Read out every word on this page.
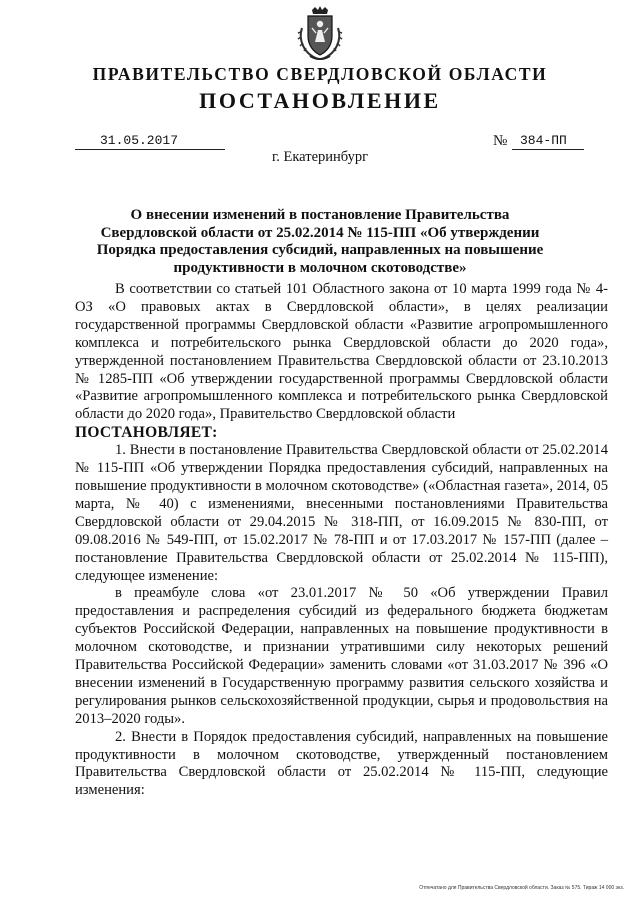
ПРАВИТЕЛЬСТВО СВЕРДЛОВСКОЙ ОБЛАСТИ
ПОСТАНОВЛЕНИЕ
31.05.2017	№ 384-ПП
г. Екатеринбург
О внесении изменений в постановление Правительства Свердловской области от 25.02.2014 № 115-ПП «Об утверждении Порядка предоставления субсидий, направленных на повышение продуктивности в молочном скотоводстве»

В соответствии со статьей 101 Областного закона от 10 марта 1999 года № 4-ОЗ «О правовых актах в Свердловской области», в целях реализации государственной программы Свердловской области «Развитие агропромышленного комплекса и потребительского рынка Свердловской области до 2020 года», утвержденной постановлением Правительства Свердловской области от 23.10.2013 № 1285-ПП «Об утверждении государственной программы Свердловской области «Развитие агропромышленного комплекса и потребительского рынка Свердловской области до 2020 года», Правительство Свердловской области

ПОСТАНОВЛЯЕТ:

1. Внести в постановление Правительства Свердловской области от 25.02.2014 № 115-ПП «Об утверждении Порядка предоставления субсидий, направленных на повышение продуктивности в молочном скотоводстве» («Областная газета», 2014, 05 марта, № 40) с изменениями, внесенными постановлениями Правительства Свердловской области от 29.04.2015 № 318-ПП, от 16.09.2015 № 830-ПП, от 09.08.2016 № 549-ПП, от 15.02.2017 № 78-ПП и от 17.03.2017 № 157-ПП (далее – постановление Правительства Свердловской области от 25.02.2014 № 115-ПП), следующее изменение:

в преамбуле слова «от 23.01.2017 № 50 «Об утверждении Правил предоставления и распределения субсидий из федерального бюджета бюджетам субъектов Российской Федерации, направленных на повышение продуктивности в молочном скотоводстве, и признании утратившими силу некоторых решений Правительства Российской Федерации» заменить словами «от 31.03.2017 № 396 «О внесении изменений в Государственную программу развития сельского хозяйства и регулирования рынков сельскохозяйственной продукции, сырья и продовольствия на 2013–2020 годы».

2. Внести в Порядок предоставления субсидий, направленных на повышение продуктивности в молочном скотоводстве, утвержденный постановлением Правительства Свердловской области от 25.02.2014 № 115-ПП, следующие изменения:

Отпечатано для Правительства Свердловской области. Заказ № 575. Тираж 14 000 экз.
